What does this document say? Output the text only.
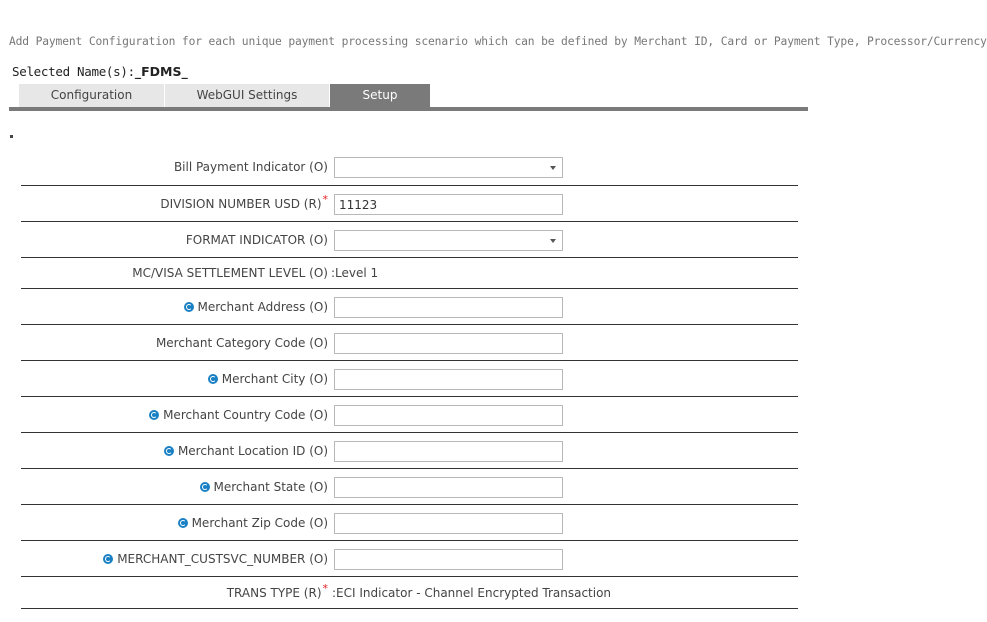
Add Payment Configuration for each unique payment processing scenario which can be defined by Merchant ID, Card or Payment Type, Processor/Currency
Selected Name(s):_FDMS_
Configuration	WebGUI Settings	Setup
Bill Payment Indicator (O)
DIVISION NUMBER USD (R) *
11123
FORMAT INDICATOR (O)
MC/VISA SETTLEMENT LEVEL (O) :Level 1
Merchant Address (O)
Merchant Category Code (O)
Merchant City (O)
Merchant Country Code (O)
Merchant Location ID (O)
Merchant State (O)
Merchant Zip Code (O)
MERCHANT_CUSTSVC_NUMBER (O)
TRANS TYPE (R) * :ECI Indicator - Channel Encrypted Transaction
